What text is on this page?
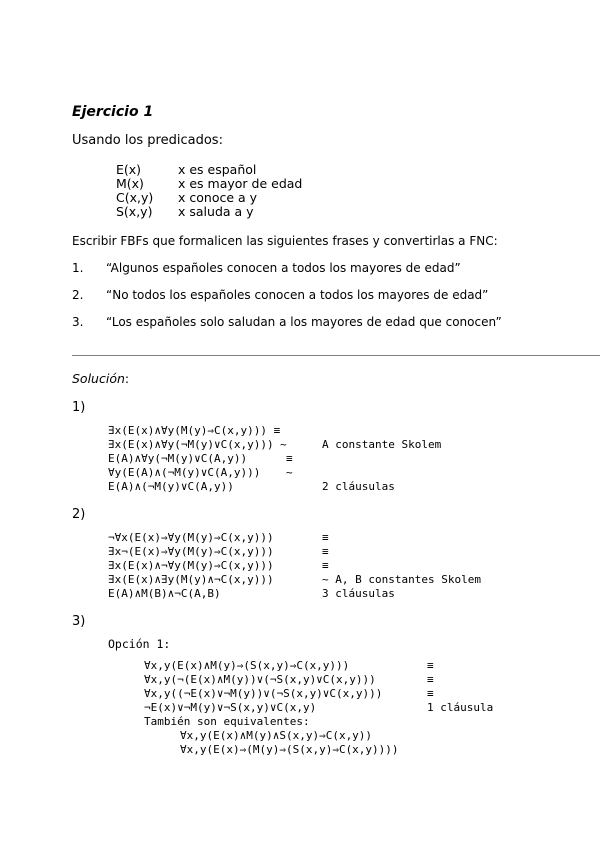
Ejercicio 1
Usando los predicados:
E(x)	x es español
M(x)	x es mayor de edad
C(x,y) x conoce a y
S(x,y) x saluda a y
Escribir FBFs que formalicen las siguientes frases y convertirlas a FNC:
1. “Algunos españoles conocen a todos los mayores de edad”
2. “No todos los españoles conocen a todos los mayores de edad”
3. “Los españoles solo saludan a los mayores de edad que conocen”
Solución:
1)
∃x(E(x)∧∀y(M(y)⇒C(x,y))) ≡
∃x(E(x)∧∀y(¬M(y)∨C(x,y))) ~	A constante Skolem
E(A)∧∀y(¬M(y)∨C(A,y))	≡
∀y(E(A)∧(¬M(y)∨C(A,y))) ~
E(A)∧(¬M(y)∨C(A,y))	2 cláusulas
2)
¬∀x(E(x)⇒∀y(M(y)⇒C(x,y)))	≡
∃x¬(E(x)⇒∀y(M(y)⇒C(x,y)))	≡
∃x(E(x)∧¬∀y(M(y)⇒C(x,y)))	≡
∃x(E(x)∧∃y(M(y)∧¬C(x,y)))	~ A, B constantes Skolem
E(A)∧M(B)∧¬C(A,B)	3 cláusulas
3)
Opción 1:
∀x,y(E(x)∧M(y)⇒(S(x,y)⇒C(x,y)))	≡
∀x,y(¬(E(x)∧M(y))∨(¬S(x,y)∨C(x,y)))	≡
∀x,y((¬E(x)∨¬M(y))∨(¬S(x,y)∨C(x,y)))	≡
¬E(x)∨¬M(y)∨¬S(x,y)∨C(x,y)	1 cláusula
También son equivalentes:
∀x,y(E(x)∧M(y)∧S(x,y)⇒C(x,y))
∀x,y(E(x)⇒(M(y)⇒(S(x,y)⇒C(x,y))))
